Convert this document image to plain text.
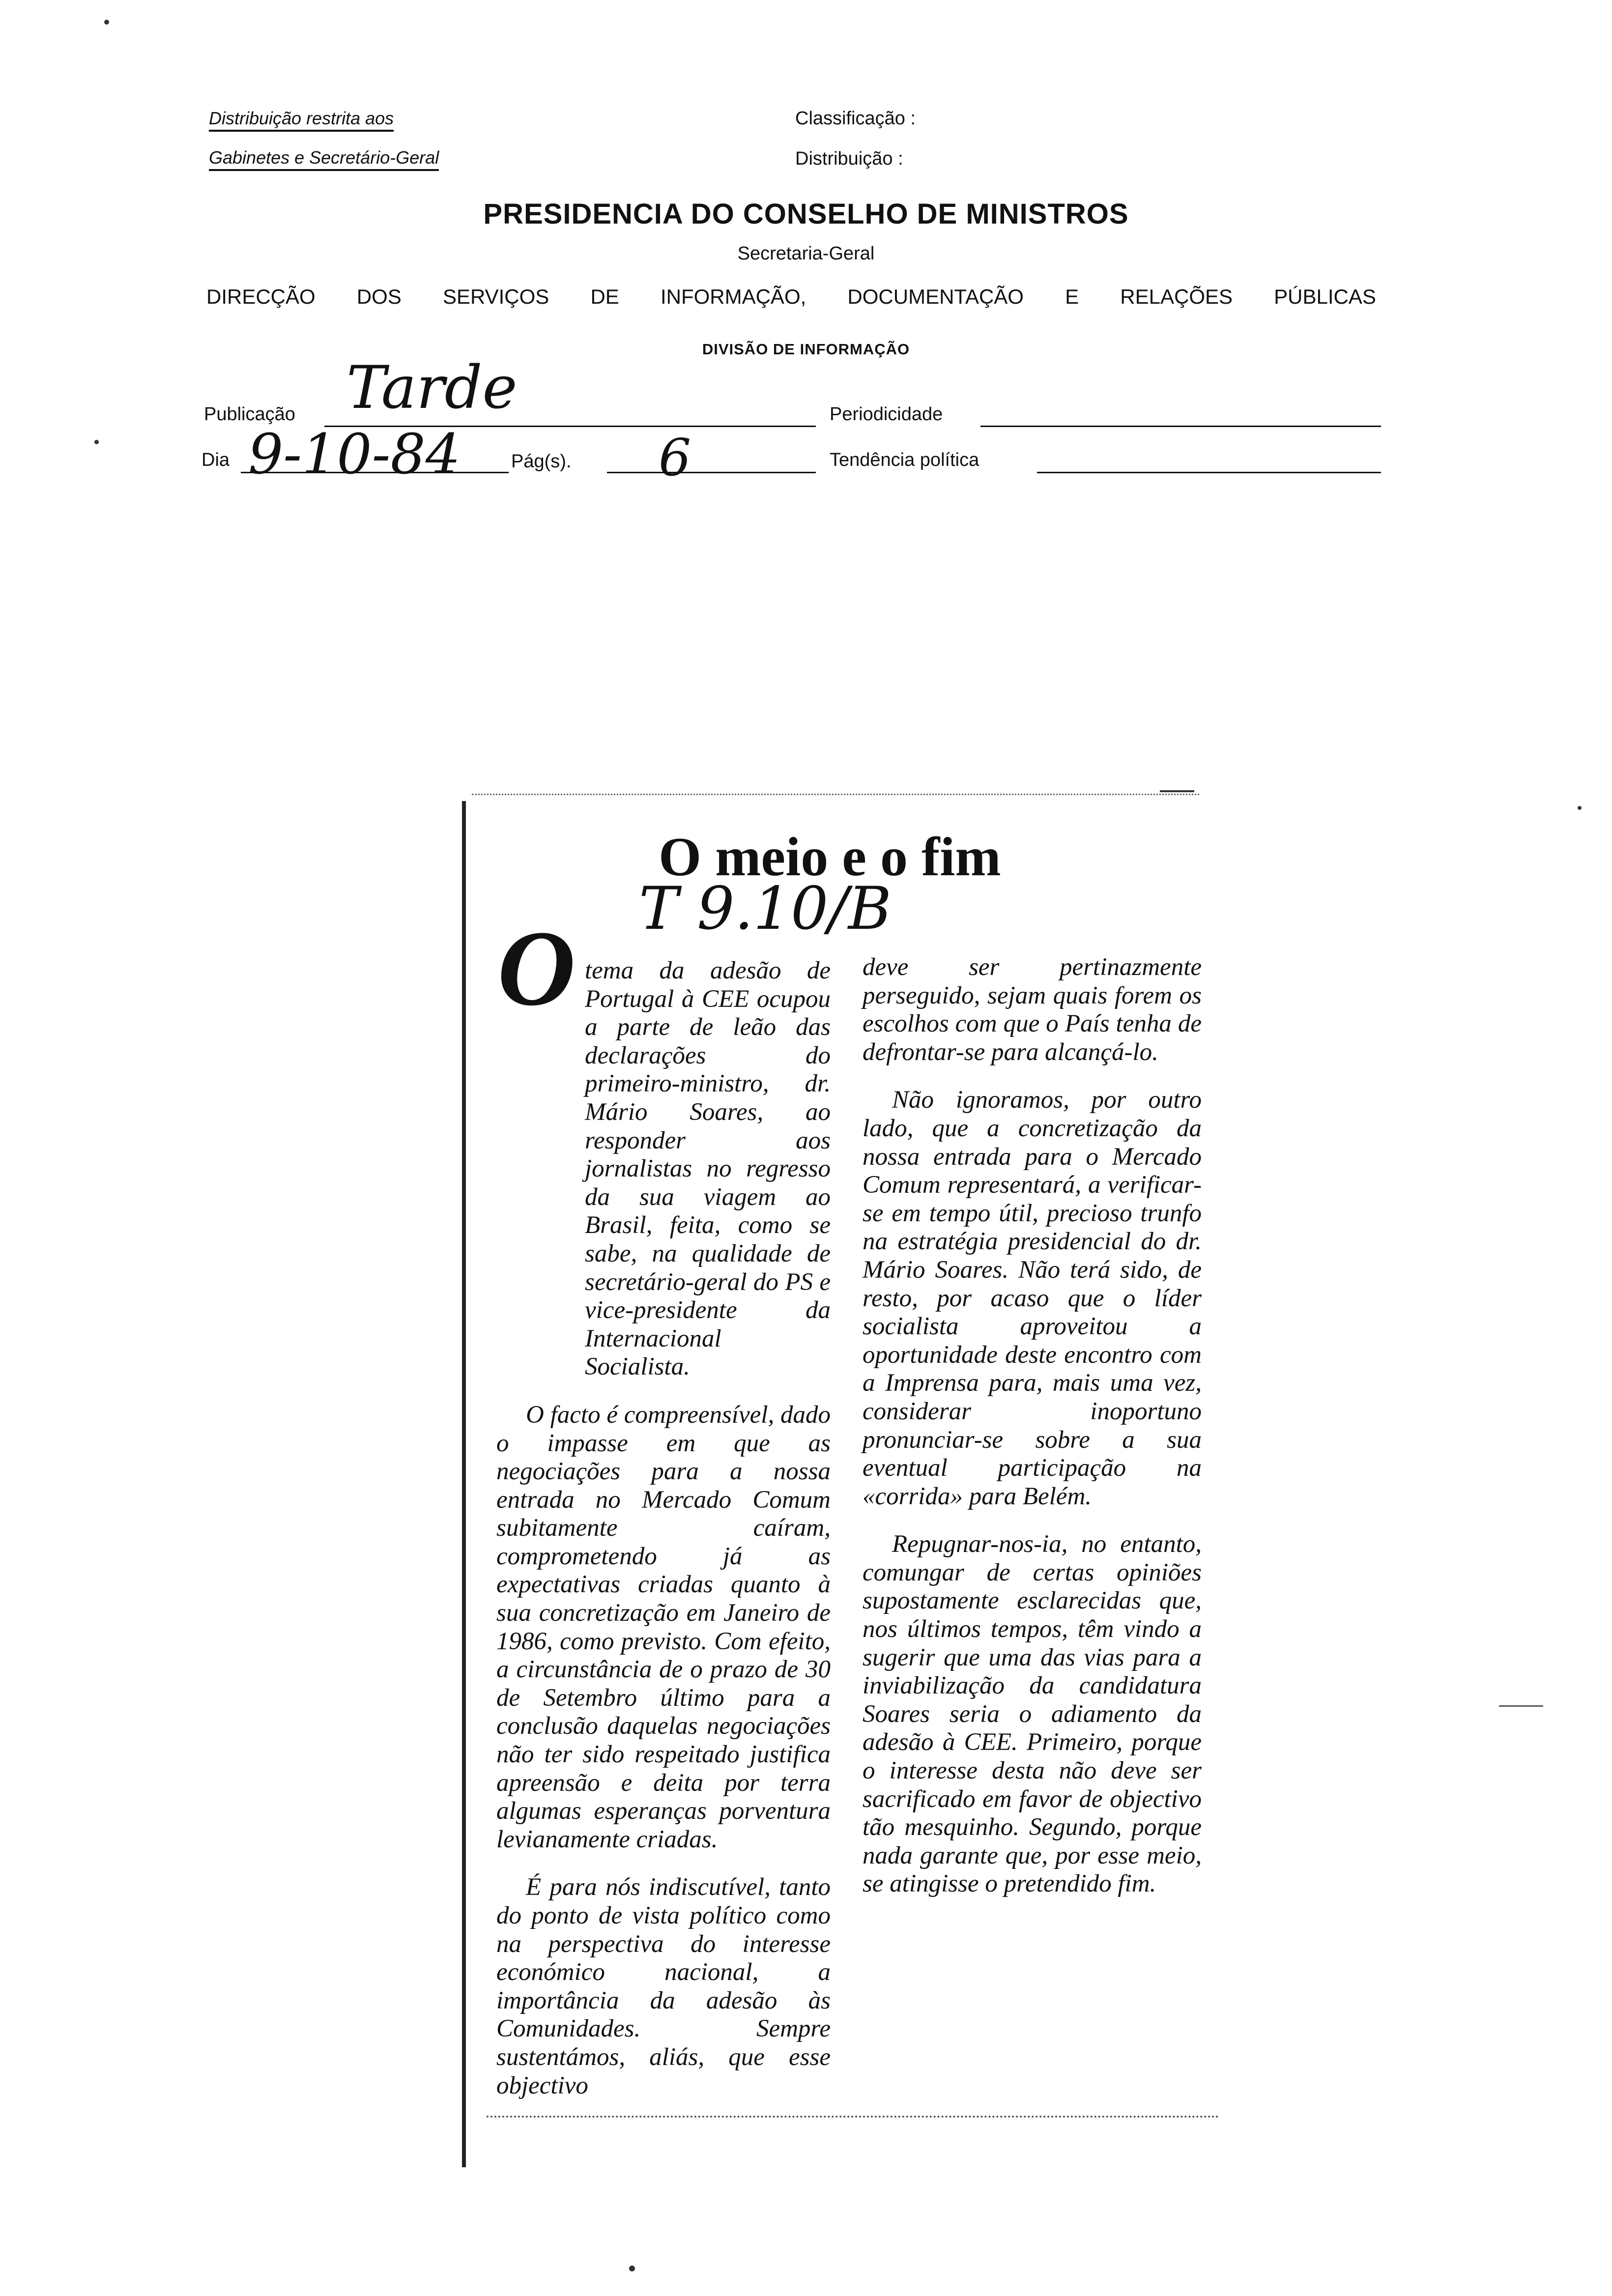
Distribuição restrita aos
Gabinetes e Secretário-Geral
Classificação :
Distribuição :
PRESIDENCIA DO CONSELHO DE MINISTROS
Secretaria-Geral
DIRECÇÃO DOS SERVIÇOS DE INFORMAÇÃO, DOCUMENTAÇÃO E RELAÇÕES PÚBLICAS
DIVISÃO DE INFORMAÇÃO
Publicação Tarde	Periodicidade
Dia 9-10-84	Pág(s). 6	Tendência política
O meio e o fim
T 9.10/B
O tema da adesão de Portugal à CEE ocupou a parte de leão das declarações do primeiro-ministro, dr. Mário Soares, ao responder aos jornalistas no regresso da sua viagem ao Brasil, feita, como se sabe, na qualidade de secretário-geral do PS e vice-presidente da Internacional Socialista.

O facto é compreensível, dado o impasse em que as negociações para a nossa entrada no Mercado Comum subitamente caíram, comprometendo já as expectativas criadas quanto à sua concretização em Janeiro de 1986, como previsto. Com efeito, a circunstância de o prazo de 30 de Setembro último para a conclusão daquelas negociações não ter sido respeitado justifica apreensão e deita por terra algumas esperanças porventura levianamente criadas.

É para nós indiscutível, tanto do ponto de vista político como na perspectiva do interesse económico nacional, a importância da adesão às Comunidades. Sempre sustentámos, aliás, que esse objectivo

deve ser pertinazmente perseguido, sejam quais forem os escolhos com que o País tenha de defrontar-se para alcançá-lo.

Não ignoramos, por outro lado, que a concretização da nossa entrada para o Mercado Comum representará, a verificar-se em tempo útil, precioso trunfo na estratégia presidencial do dr. Mário Soares. Não terá sido, de resto, por acaso que o líder socialista aproveitou a oportunidade deste encontro com a Imprensa para, mais uma vez, considerar inoportuno pronunciar-se sobre a sua eventual participação na «corrida» para Belém.

Repugnar-nos-ia, no entanto, comungar de certas opiniões supostamente esclarecidas que, nos últimos tempos, têm vindo a sugerir que uma das vias para a inviabilização da candidatura Soares seria o adiamento da adesão à CEE. Primeiro, porque o interesse desta não deve ser sacrificado em favor de objectivo tão mesquinho. Segundo, porque nada garante que, por esse meio, se atingisse o pretendido fim.
